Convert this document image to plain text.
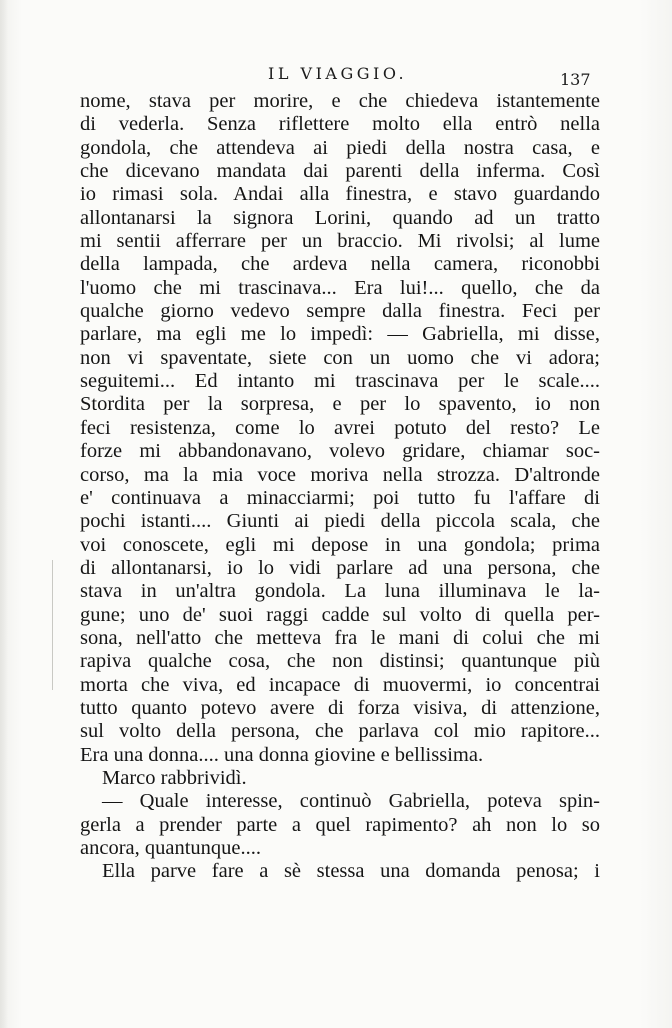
IL VIAGGIO.	137
nome, stava per morire, e che chiedeva istantemente
di vederla. Senza riflettere molto ella entrò nella
gondola, che attendeva ai piedi della nostra casa, e
che dicevano mandata dai parenti della inferma. Così
io rimasi sola. Andai alla finestra, e stavo guardando
allontanarsi la signora Lorini, quando ad un tratto
mi sentii afferrare per un braccio. Mi rivolsi; al lume
della lampada, che ardeva nella camera, riconobbi
l'uomo che mi trascinava... Era lui!... quello, che da
qualche giorno vedevo sempre dalla finestra. Feci per
parlare, ma egli me lo impedì: — Gabriella, mi disse,
non vi spaventate, siete con un uomo che vi adora;
seguitemi... Ed intanto mi trascinava per le scale....
Stordita per la sorpresa, e per lo spavento, io non
feci resistenza, come lo avrei potuto del resto? Le
forze mi abbandonavano, volevo gridare, chiamar soc-
corso, ma la mia voce moriva nella strozza. D'altronde
e' continuava a minacciarmi; poi tutto fu l'affare di
pochi istanti.... Giunti ai piedi della piccola scala, che
voi conoscete, egli mi depose in una gondola; prima
di allontanarsi, io lo vidi parlare ad una persona, che
stava in un'altra gondola. La luna illuminava le la-
gune; uno de' suoi raggi cadde sul volto di quella per-
sona, nell'atto che metteva fra le mani di colui che mi
rapiva qualche cosa, che non distinsi; quantunque più
morta che viva, ed incapace di muovermi, io concentrai
tutto quanto potevo avere di forza visiva, di attenzione,
sul volto della persona, che parlava col mio rapitore...
Era una donna.... una donna giovine e bellissima.
Marco rabbrividì.
— Quale interesse, continuò Gabriella, poteva spin-
gerla a prender parte a quel rapimento? ah non lo so
ancora, quantunque....
Ella parve fare a sè stessa una domanda penosa; i
